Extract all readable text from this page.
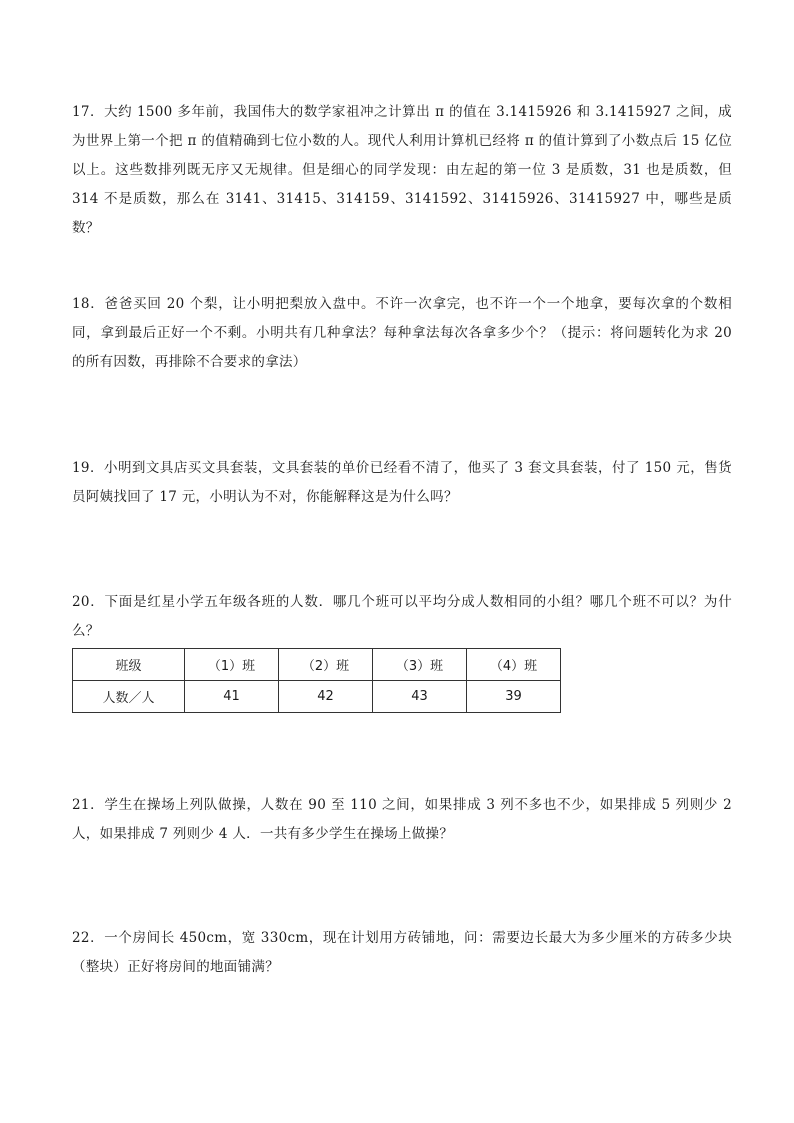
17．大约 1500 多年前，我国伟大的数学家祖冲之计算出 π 的值在 3.1415926 和 3.1415927 之间，成为世界上第一个把 π 的值精确到七位小数的人。现代人利用计算机已经将 π 的值计算到了小数点后 15 亿位以上。这些数排列既无序又无规律。但是细心的同学发现：由左起的第一位 3 是质数，31 也是质数，但 314 不是质数，那么在 3141、31415、314159、3141592、31415926、31415927 中，哪些是质数？

18．爸爸买回 20 个梨，让小明把梨放入盘中。不许一次拿完，也不许一个一个地拿，要每次拿的个数相同，拿到最后正好一个不剩。小明共有几种拿法？每种拿法每次各拿多少个？（提示：将问题转化为求 20 的所有因数，再排除不合要求的拿法）

19．小明到文具店买文具套装，文具套装的单价已经看不清了，他买了 3 套文具套装，付了 150 元，售货员阿姨找回了 17 元，小明认为不对，你能解释这是为什么吗？

20．下面是红星小学五年级各班的人数．哪几个班可以平均分成人数相同的小组？哪几个班不可以？为什么？

班级	（1）班	（2）班	（3）班	（4）班
人数／人	41	42	43	39

21．学生在操场上列队做操，人数在 90 至 110 之间，如果排成 3 列不多也不少，如果排成 5 列则少 2 人，如果排成 7 列则少 4 人．一共有多少学生在操场上做操？

22．一个房间长 450cm，宽 330cm，现在计划用方砖铺地，问：需要边长最大为多少厘米的方砖多少块（整块）正好将房间的地面铺满？
